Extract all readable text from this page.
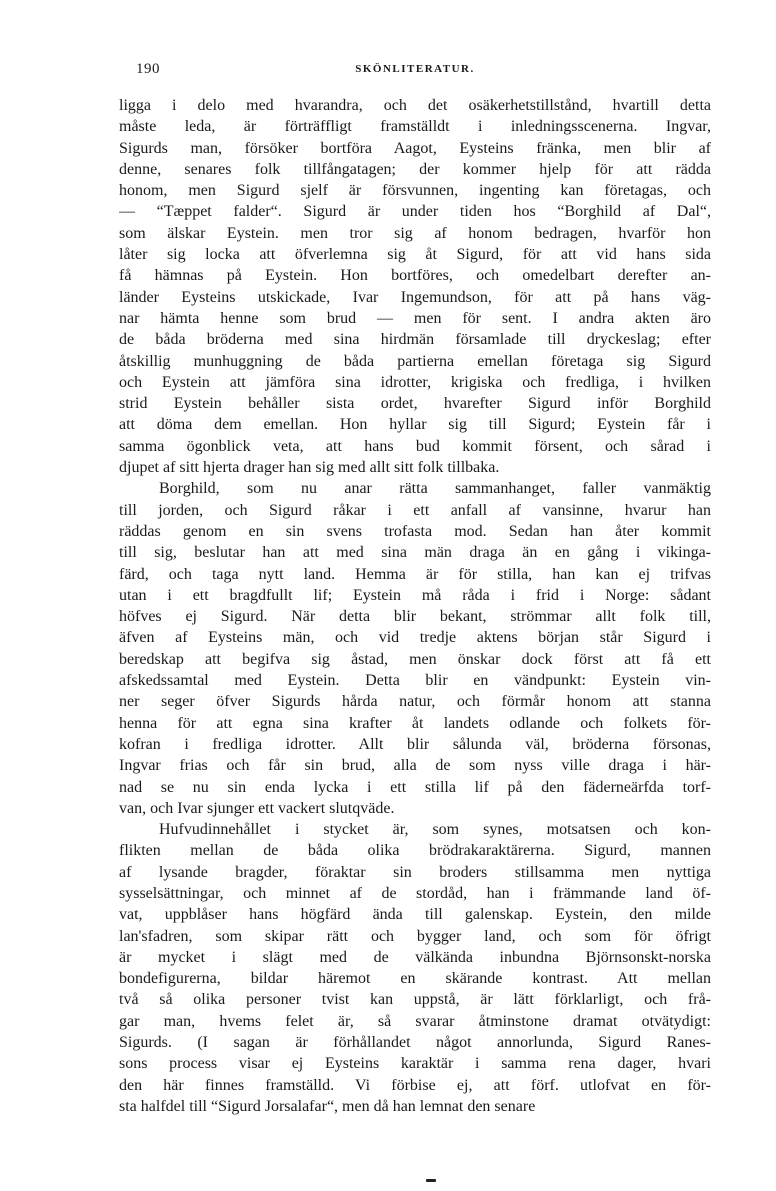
190	SKÖNLITERATUR.
ligga i delo med hvarandra, och det osäkerhetstillstånd, hvartill detta
måste leda, är förträffligt framställdt i inledningsscenerna. Ingvar,
Sigurds man, försöker bortföra Aagot, Eysteins fränka, men blir af
denne, senares folk tillfångatagen; der kommer hjelp för att rädda
honom, men Sigurd sjelf är försvunnen, ingenting kan företagas, och
— “Tæppet falder“. Sigurd är under tiden hos “Borghild af Dal“,
som älskar Eystein. men tror sig af honom bedragen, hvarför hon
låter sig locka att öfverlemna sig åt Sigurd, för att vid hans sida
få hämnas på Eystein. Hon bortföres, och omedelbart derefter an-
länder Eysteins utskickade, Ivar Ingemundson, för att på hans väg-
nar hämta henne som brud — men för sent. I andra akten äro
de båda bröderna med sina hirdmän församlade till dryckeslag; efter
åtskillig munhuggning de båda partierna emellan företaga sig Sigurd
och Eystein att jämföra sina idrotter, krigiska och fredliga, i hvilken
strid Eystein behåller sista ordet, hvarefter Sigurd inför Borghild
att döma dem emellan. Hon hyllar sig till Sigurd; Eystein får i
samma ögonblick veta, att hans bud kommit försent, och sårad i
djupet af sitt hjerta drager han sig med allt sitt folk tillbaka.
Borghild, som nu anar rätta sammanhanget, faller vanmäktig
till jorden, och Sigurd råkar i ett anfall af vansinne, hvarur han
räddas genom en sin svens trofasta mod. Sedan han åter kommit
till sig, beslutar han att med sina män draga än en gång i vikinga-
färd, och taga nytt land. Hemma är för stilla, han kan ej trifvas
utan i ett bragdfullt lif; Eystein må råda i frid i Norge: sådant
höfves ej Sigurd. När detta blir bekant, strömmar allt folk till,
äfven af Eysteins män, och vid tredje aktens början står Sigurd i
beredskap att begifva sig åstad, men önskar dock först att få ett
afskedssamtal med Eystein. Detta blir en vändpunkt: Eystein vin-
ner seger öfver Sigurds hårda natur, och förmår honom att stanna
henna för att egna sina krafter åt landets odlande och folkets för-
kofran i fredliga idrotter. Allt blir sålunda väl, bröderna försonas,
Ingvar frias och får sin brud, alla de som nyss ville draga i här-
nad se nu sin enda lycka i ett stilla lif på den fäderneärfda torf-
van, och Ivar sjunger ett vackert slutqväde.
Hufvudinnehållet i stycket är, som synes, motsatsen och kon-
flikten mellan de båda olika brödrakaraktärerna. Sigurd, mannen
af lysande bragder, föraktar sin broders stillsamma men nyttiga
sysselsättningar, och minnet af de stordåd, han i främmande land öf-
vat, uppblåser hans högfärd ända till galenskap. Eystein, den milde
lan'sfadren, som skipar rätt och bygger land, och som för öfrigt
är mycket i slägt med de välkända inbundna Björnsonskt-norska
bondefigurerna, bildar häremot en skärande kontrast. Att mellan
två så olika personer tvist kan uppstå, är lätt förklarligt, och frå-
gar man, hvems felet är, så svarar åtminstone dramat otvätydigt:
Sigurds. (I sagan är förhållandet något annorlunda, Sigurd Ranes-
sons process visar ej Eysteins karaktär i samma rena dager, hvari
den här finnes framställd. Vi förbise ej, att förf. utlofvat en för-
sta halfdel till “Sigurd Jorsalafar“, men då han lemnat den senare
